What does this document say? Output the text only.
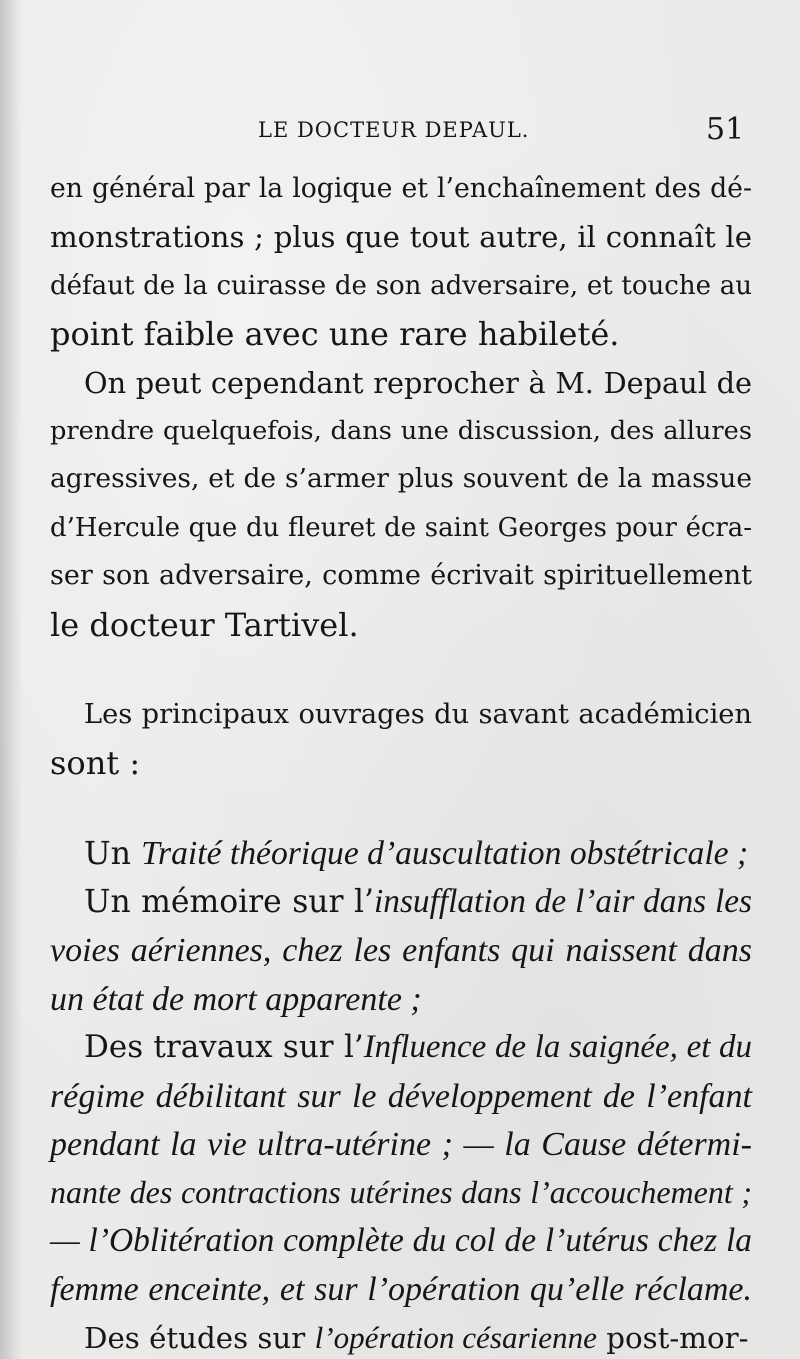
LE DOCTEUR DEPAUL.	51
en général par la logique et l’enchaînement des dé-
monstrations ; plus que tout autre, il connaît le
défaut de la cuirasse de son adversaire, et touche au
point faible avec une rare habileté.
On peut cependant reprocher à M. Depaul de
prendre quelquefois, dans une discussion, des allures
agressives, et de s’armer plus souvent de la massue
d’Hercule que du fleuret de saint Georges pour écra-
ser son adversaire, comme écrivait spirituellement
le docteur Tartivel.
Les principaux ouvrages du savant académicien
sont :
Un Traité théorique d’auscultation obstétricale ;
Un mémoire sur l’insufflation de l’air dans les
voies aériennes, chez les enfants qui naissent dans
un état de mort apparente ;
Des travaux sur l’Influence de la saignée, et du
régime débilitant sur le développement de l’enfant
pendant la vie ultra-utérine ; — la Cause détermi-
nante des contractions utérines dans l’accouchement ;
— l’Oblitération complète du col de l’utérus chez la
femme enceinte, et sur l’opération qu’elle réclame.
Des études sur l’opération césarienne post-mor-
